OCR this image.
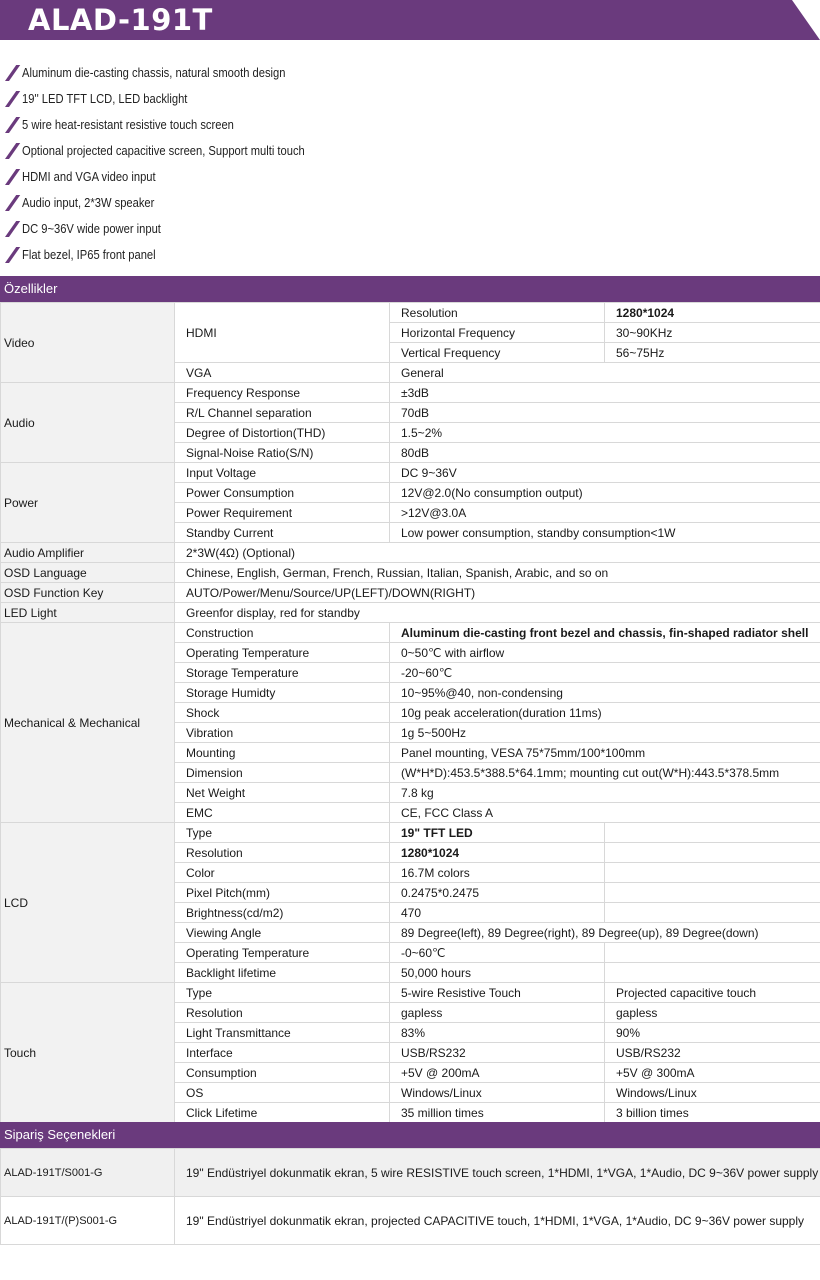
ALAD-191T
Aluminum die-casting chassis, natural smooth design
19'' LED TFT LCD, LED backlight
5 wire heat-resistant resistive touch screen
Optional projected capacitive screen, Support multi touch
HDMI and VGA video input
Audio input, 2*3W speaker
DC 9~36V wide power input
Flat bezel, IP65 front panel
Özellikler
Video	HDMI	Resolution	1280*1024
		Horizontal Frequency	30~90KHz
		Vertical Frequency	56~75Hz
	VGA	General	
Audio	Frequency Response	±3dB	
	R/L Channel separation	70dB	
	Degree of Distortion(THD)	1.5~2%	
	Signal-Noise Ratio(S/N)	80dB	
Power	Input Voltage	DC 9~36V	
	Power Consumption	12V@2.0(No consumption output)	
	Power Requirement	>12V@3.0A	
	Standby Current	Low power consumption, standby consumption<1W	
Audio Amplifier	2*3W(4Ω) (Optional)		
OSD Language	Chinese, English, German, French, Russian, Italian, Spanish, Arabic, and so on		
OSD Function Key	AUTO/Power/Menu/Source/UP(LEFT)/DOWN(RIGHT)		
LED Light	Greenfor display, red for standby		
Mechanical & Mechanical	Construction	Aluminum die-casting front bezel and chassis, fin-shaped radiator shell	
	Operating Temperature	0~50℃ with airflow	
	Storage Temperature	-20~60℃	
	Storage Humidty	10~95%@40, non-condensing	
	Shock	10g peak acceleration(duration 11ms)	
	Vibration	1g 5~500Hz	
	Mounting	Panel mounting, VESA 75*75mm/100*100mm	
	Dimension	(W*H*D):453.5*388.5*64.1mm; mounting cut out(W*H):443.5*378.5mm	
	Net Weight	7.8 kg	
	EMC	CE, FCC Class A	
LCD	Type	19" TFT LED	
	Resolution	1280*1024	
	Color	16.7M colors	
	Pixel Pitch(mm)	0.2475*0.2475	
	Brightness(cd/m2)	470	
	Viewing Angle	89 Degree(left), 89 Degree(right), 89 Degree(up), 89 Degree(down)	
	Operating Temperature	-0~60℃	
	Backlight lifetime	50,000 hours	
Touch	Type	5-wire Resistive Touch	Projected capacitive touch
	Resolution	gapless	gapless
	Light Transmittance	83%	90%
	Interface	USB/RS232	USB/RS232
	Consumption	+5V @ 200mA	+5V @ 300mA
	OS	Windows/Linux	Windows/Linux
	Click Lifetime	35 million times	3 billion times
Sipariş Seçenekleri
ALAD-191T/S001-G	19" Endüstriyel dokunmatik ekran, 5 wire RESISTIVE touch screen, 1*HDMI, 1*VGA, 1*Audio, DC 9~36V power supply
ALAD-191T/(P)S001-G	19" Endüstriyel dokunmatik ekran, projected CAPACITIVE touch, 1*HDMI, 1*VGA, 1*Audio, DC 9~36V power supply
